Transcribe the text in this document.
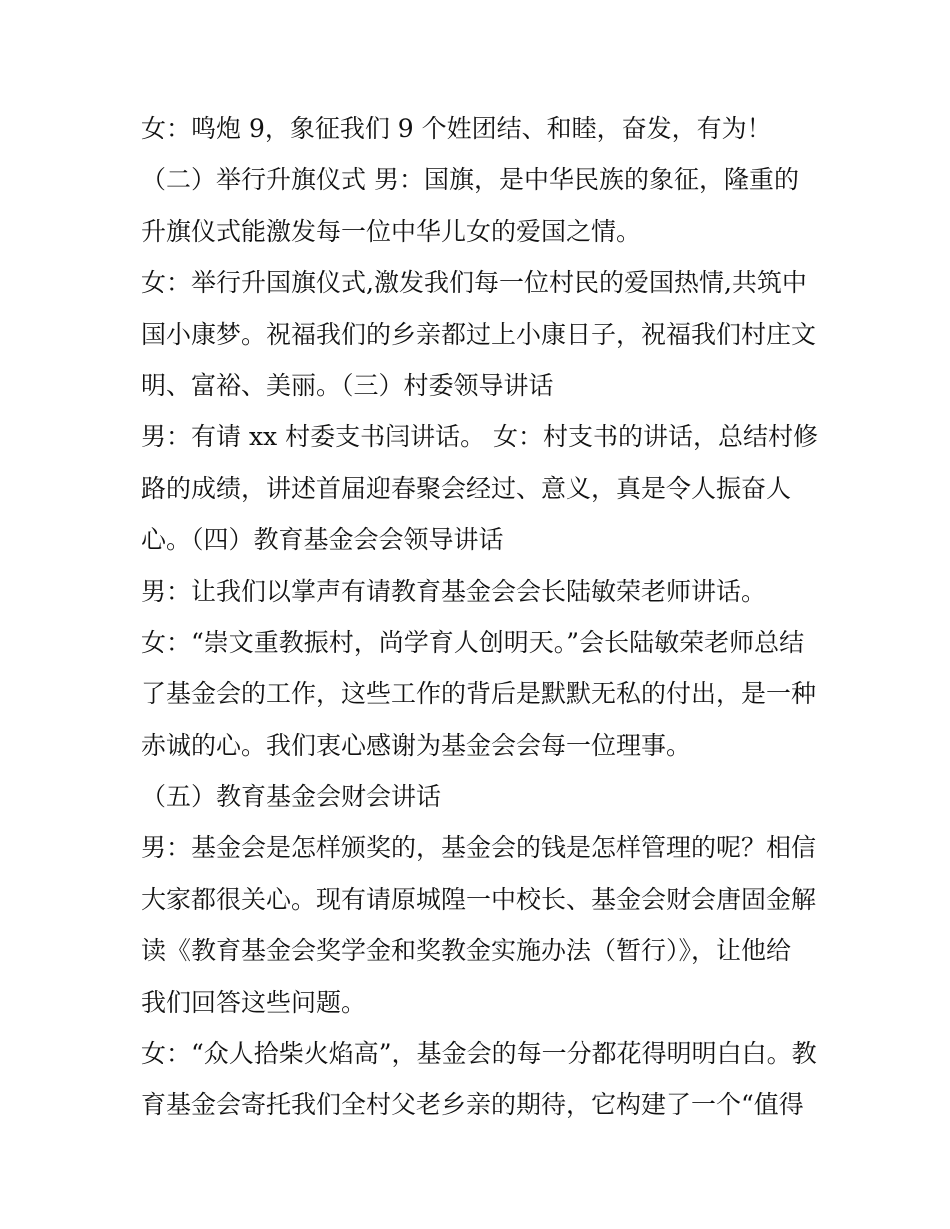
女：鸣炮 9，象征我们 9 个姓团结、和睦，奋发，有为！
（二）举行升旗仪式 男：国旗，是中华民族的象征，隆重的
升旗仪式能激发每一位中华儿女的爱国之情。
女：举行升国旗仪式,激发我们每一位村民的爱国热情,共筑中
国小康梦。祝福我们的乡亲都过上小康日子，祝福我们村庄文
明、富裕、美丽。（三）村委领导讲话
男：有请 xx 村委支书闫讲话。 女：村支书的讲话，总结村修
路的成绩，讲述首届迎春聚会经过、意义，真是令人振奋人
心。（四）教育基金会会领导讲话
男：让我们以掌声有请教育基金会会长陆敏荣老师讲话。
女：“崇文重教振村，尚学育人创明天。”会长陆敏荣老师总结
了基金会的工作，这些工作的背后是默默无私的付出，是一种
赤诚的心。我们衷心感谢为基金会会每一位理事。
（五）教育基金会财会讲话
男：基金会是怎样颁奖的，基金会的钱是怎样管理的呢？相信
大家都很关心。现有请原城隍一中校长、基金会财会唐固金解
读《教育基金会奖学金和奖教金实施办法（暂行）》，让他给
我们回答这些问题。
女：“众人拾柴火焰高”，基金会的每一分都花得明明白白。教
育基金会寄托我们全村父老乡亲的期待，它构建了一个“值得
